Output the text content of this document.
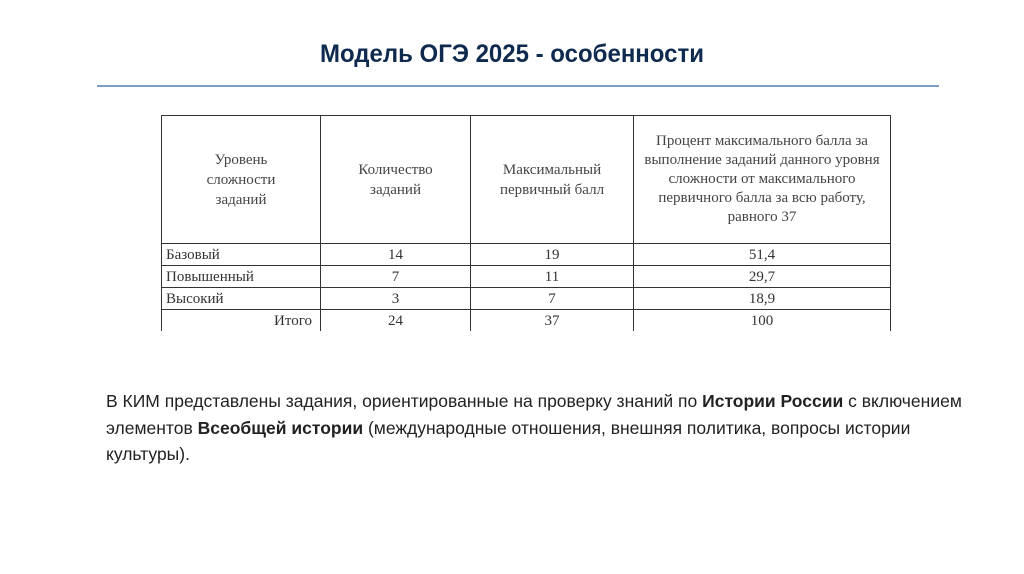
Модель ОГЭ 2025 - особенности
Уровень сложности заданий	Количество заданий	Максимальный первичный балл	Процент максимального балла за выполнение заданий данного уровня сложности от максимального первичного балла за всю работу, равного 37
Базовый	14	19	51,4
Повышенный	7	11	29,7
Высокий	3	7	18,9
Итого	24	37	100
В КИМ представлены задания, ориентированные на проверку знаний по Истории России с включением элементов Всеобщей истории (международные отношения, внешняя политика, вопросы истории культуры).
